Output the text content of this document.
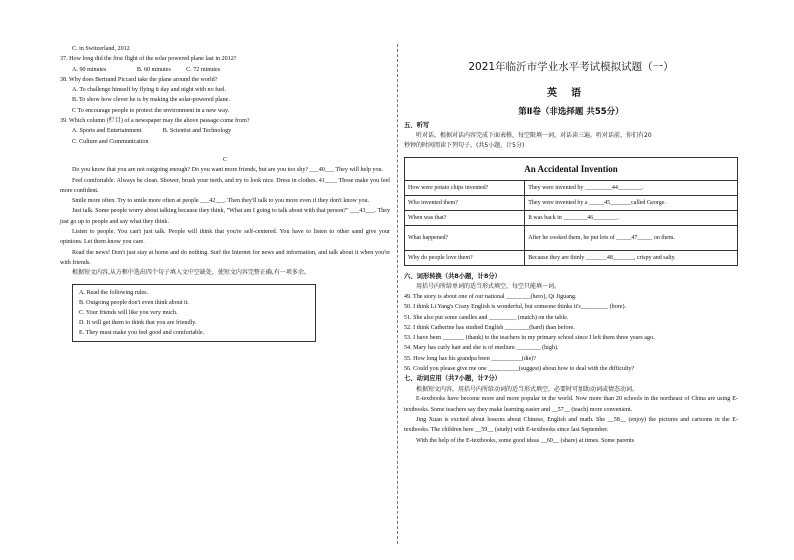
C. in Switzerland, 2012
37. How long did the first flight of the solar powered plane last in 2012?
A. 90 minutes                    B. 60 minutes          C. 72 minutes
38. Why does Bertrand Piccard take the plane around the world?
A. To challenge himself by flying it day and night with no fuel.
B. To show how clever he is by making the solar-powered plane.
C To encourage people to protect the environment in a new way.
39. Which column (栏目) of a newspaper may the above passage come from?
A. Sports and Entertainment              B. Scientist and Technology
C. Culture and Communication
C
Do you know that you are not outgoing enough? Do you want more friends, but are you too shy? ___40___ They will help you.
Feel comfortable. Always be clean. Shower, brush your teeth, and try to look nice. Dress in clothes. 41____ Those make you feel more confident.
Smile more often. Try to smile more often at people ___42___. Then they'll talk to you more even if they don't know you.
Just talk. Some people worry about talking because they think, "What am I going to talk about with that person?" ___43___. They just go up to people and say what they think.
Listen to people. You can't just talk. People will think that you're self-centered. You have to listen to other sand give your opinions. Let them know you care.
Read the news! Don't just stay at home and do nothing. Surf the Internet for news and information, and talk about it when you're with friends.
根据短文内容,从方框中选出四个句子填入文中空缺处，使短文内容完整正确,有一项多余。
A. Read the following rules.
B. Outgoing people don't even think about it.
C. Your friends will like you very much.
D. It will get them to think that you are friendly.
E. They must make you feel good and comfortable.
2021年临沂市学业水平考试模拟试题（一）
英语
第Ⅱ卷（非选择题 共55分）
五、听写
听对话，根据对话内容完成下面表格，每空限填一词，对话读三遍。听对话前，你们有20
秒钟的时间阅读下列句子。(共5小题，计5分)
An Accidental Invention	
How were potato chips invented?	They were invented by _________44________.
Who invented them?	They were invented by a _____45_______called George.
When was that?	It was back in ________46________.
What happened?	After he cooked them, he put lots of _____47_____ on them.
Why do people love them?	Because they are thinly _______48_______, crispy and salty.
六、词形转换（共8小题，计8分）
用括号内所给单词的适当形式填空，每空只能填一词。
49. The story is about one of our national ________(hero), Qi Jiguang.
50. I think Li Yang's Crazy English is wonderful, but someone thinks it's_________ (bore).
51. She also put some candles and _________ (match) on the table.
52. I think Catherine has studied English ________(hard) than before.
53. I have been _______ (thank) to the teachers in my primary school since I left them three years ago.
54. Mary has curly hair and she is of medium ________ (high).
55. How long has his grandpa been __________(die)?
56. Could you please give me one __________(suggest) about how to deal with the difficulty?
七、动词应用（共7小题，计7分）
根据短文内容，用括号内所给动词的适当形式填空，必要时可加助动词或情态动词。
E-textbooks have become more and more popular in the world. Now more than 20 schools in the northeast of China are using E-textbooks. Some teachers say they make learning easier and __57__ (teach) more convenient.
Jing Xuan is excited about lessons about Chinese, English and math. She __58__ (enjoy) the pictures and cartoons in the E-textbooks. The children here __59__ (study) with E-textbooks since last September.
With the help of the E-textbooks, some good ideas __60__ (share) at times. Some parents
